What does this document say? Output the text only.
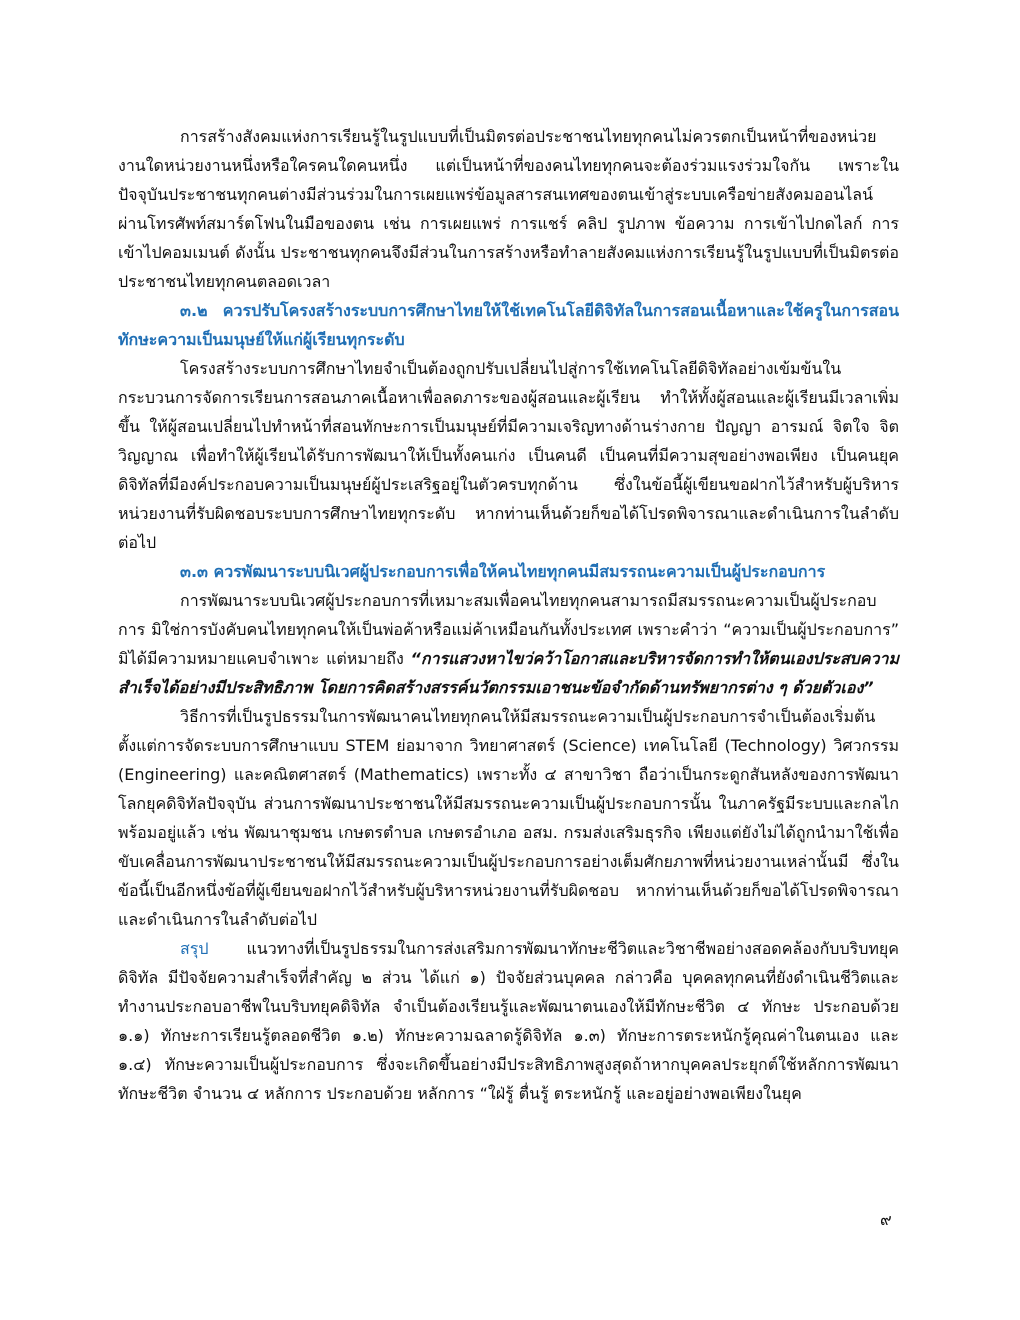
การสร้างสังคมแห่งการเรียนรู้ในรูปแบบที่เป็นมิตรต่อประชาชนไทยทุกคนไม่ควรตกเป็นหน้าที่ของหน่วยงานใดหน่วยงานหนึ่งหรือใครคนใดคนหนึ่ง แต่เป็นหน้าที่ของคนไทยทุกคนจะต้องร่วมแรงร่วมใจกัน เพราะในปัจจุบันประชาชนทุกคนต่างมีส่วนร่วมในการเผยแพร่ข้อมูลสารสนเทศของตนเข้าสู่ระบบเครือข่ายสังคมออนไลน์ ผ่านโทรศัพท์สมาร์ตโฟนในมือของตน เช่น การเผยแพร่ การแชร์ คลิป รูปภาพ ข้อความ การเข้าไปกดไลก์ การเข้าไปคอมเมนต์ ดังนั้น ประชาชนทุกคนจึงมีส่วนในการสร้างหรือทำลายสังคมแห่งการเรียนรู้ในรูปแบบที่เป็นมิตรต่อประชาชนไทยทุกคนตลอดเวลา

๓.๒ ควรปรับโครงสร้างระบบการศึกษาไทยให้ใช้เทคโนโลยีดิจิทัลในการสอนเนื้อหาและใช้ครูในการสอนทักษะความเป็นมนุษย์ให้แก่ผู้เรียนทุกระดับ

โครงสร้างระบบการศึกษาไทยจำเป็นต้องถูกปรับเปลี่ยนไปสู่การใช้เทคโนโลยีดิจิทัลอย่างเข้มข้นในกระบวนการจัดการเรียนการสอนภาคเนื้อหาเพื่อลดภาระของผู้สอนและผู้เรียน ทำให้ทั้งผู้สอนและผู้เรียนมีเวลาเพิ่มขึ้น ให้ผู้สอนเปลี่ยนไปทำหน้าที่สอนทักษะการเป็นมนุษย์ที่มีความเจริญทางด้านร่างกาย ปัญญา อารมณ์ จิตใจ จิตวิญญาณ เพื่อทำให้ผู้เรียนได้รับการพัฒนาให้เป็นทั้งคนเก่ง เป็นคนดี เป็นคนที่มีความสุขอย่างพอเพียง เป็นคนยุคดิจิทัลที่มีองค์ประกอบความเป็นมนุษย์ผู้ประเสริฐอยู่ในตัวครบทุกด้าน ซึ่งในข้อนี้ผู้เขียนขอฝากไว้สำหรับผู้บริหารหน่วยงานที่รับผิดชอบระบบการศึกษาไทยทุกระดับ หากท่านเห็นด้วยก็ขอได้โปรดพิจารณาและดำเนินการในลำดับต่อไป

๓.๓ ควรพัฒนาระบบนิเวศผู้ประกอบการเพื่อให้คนไทยทุกคนมีสมรรถนะความเป็นผู้ประกอบการ

การพัฒนาระบบนิเวศผู้ประกอบการที่เหมาะสมเพื่อคนไทยทุกคนสามารถมีสมรรถนะความเป็นผู้ประกอบการ มิใช่การบังคับคนไทยทุกคนให้เป็นพ่อค้าหรือแม่ค้าเหมือนกันทั้งประเทศ เพราะคำว่า “ความเป็นผู้ประกอบการ” มิได้มีความหมายแคบจำเพาะ แต่หมายถึง “การแสวงหาไขว่คว้าโอกาสและบริหารจัดการทำให้ตนเองประสบความสำเร็จได้อย่างมีประสิทธิภาพ โดยการคิดสร้างสรรค์นวัตกรรมเอาชนะข้อจำกัดด้านทรัพยากรต่าง ๆ ด้วยตัวเอง”

วิธีการที่เป็นรูปธรรมในการพัฒนาคนไทยทุกคนให้มีสมรรถนะความเป็นผู้ประกอบการจำเป็นต้องเริ่มต้นตั้งแต่การจัดระบบการศึกษาแบบ STEM ย่อมาจาก วิทยาศาสตร์ (Science) เทคโนโลยี (Technology) วิศวกรรม (Engineering) และคณิตศาสตร์ (Mathematics) เพราะทั้ง ๔ สาขาวิชา ถือว่าเป็นกระดูกสันหลังของการพัฒนาโลกยุคดิจิทัลปัจจุบัน ส่วนการพัฒนาประชาชนให้มีสมรรถนะความเป็นผู้ประกอบการนั้น ในภาครัฐมีระบบและกลไกพร้อมอยู่แล้ว เช่น พัฒนาชุมชน เกษตรตำบล เกษตรอำเภอ อสม. กรมส่งเสริมธุรกิจ เพียงแต่ยังไม่ได้ถูกนำมาใช้เพื่อขับเคลื่อนการพัฒนาประชาชนให้มีสมรรถนะความเป็นผู้ประกอบการอย่างเต็มศักยภาพที่หน่วยงานเหล่านั้นมี ซึ่งในข้อนี้เป็นอีกหนึ่งข้อที่ผู้เขียนขอฝากไว้สำหรับผู้บริหารหน่วยงานที่รับผิดชอบ หากท่านเห็นด้วยก็ขอได้โปรดพิจารณาและดำเนินการในลำดับต่อไป

สรุป แนวทางที่เป็นรูปธรรมในการส่งเสริมการพัฒนาทักษะชีวิตและวิชาชีพอย่างสอดคล้องกับบริบทยุคดิจิทัล มีปัจจัยความสำเร็จที่สำคัญ ๒ ส่วน ได้แก่ ๑) ปัจจัยส่วนบุคคล กล่าวคือ บุคคลทุกคนที่ยังดำเนินชีวิตและทำงานประกอบอาชีพในบริบทยุคดิจิทัล จำเป็นต้องเรียนรู้และพัฒนาตนเองให้มีทักษะชีวิต ๔ ทักษะ ประกอบด้วย ๑.๑) ทักษะการเรียนรู้ตลอดชีวิต ๑.๒) ทักษะความฉลาดรู้ดิจิทัล ๑.๓) ทักษะการตระหนักรู้คุณค่าในตนเอง และ ๑.๔) ทักษะความเป็นผู้ประกอบการ ซึ่งจะเกิดขึ้นอย่างมีประสิทธิภาพสูงสุดถ้าหากบุคคลประยุกต์ใช้หลักการพัฒนาทักษะชีวิต จำนวน ๔ หลักการ ประกอบด้วย หลักการ “ใฝ่รู้ ตื่นรู้ ตระหนักรู้ และอยู่อย่างพอเพียงในยุค

๙
